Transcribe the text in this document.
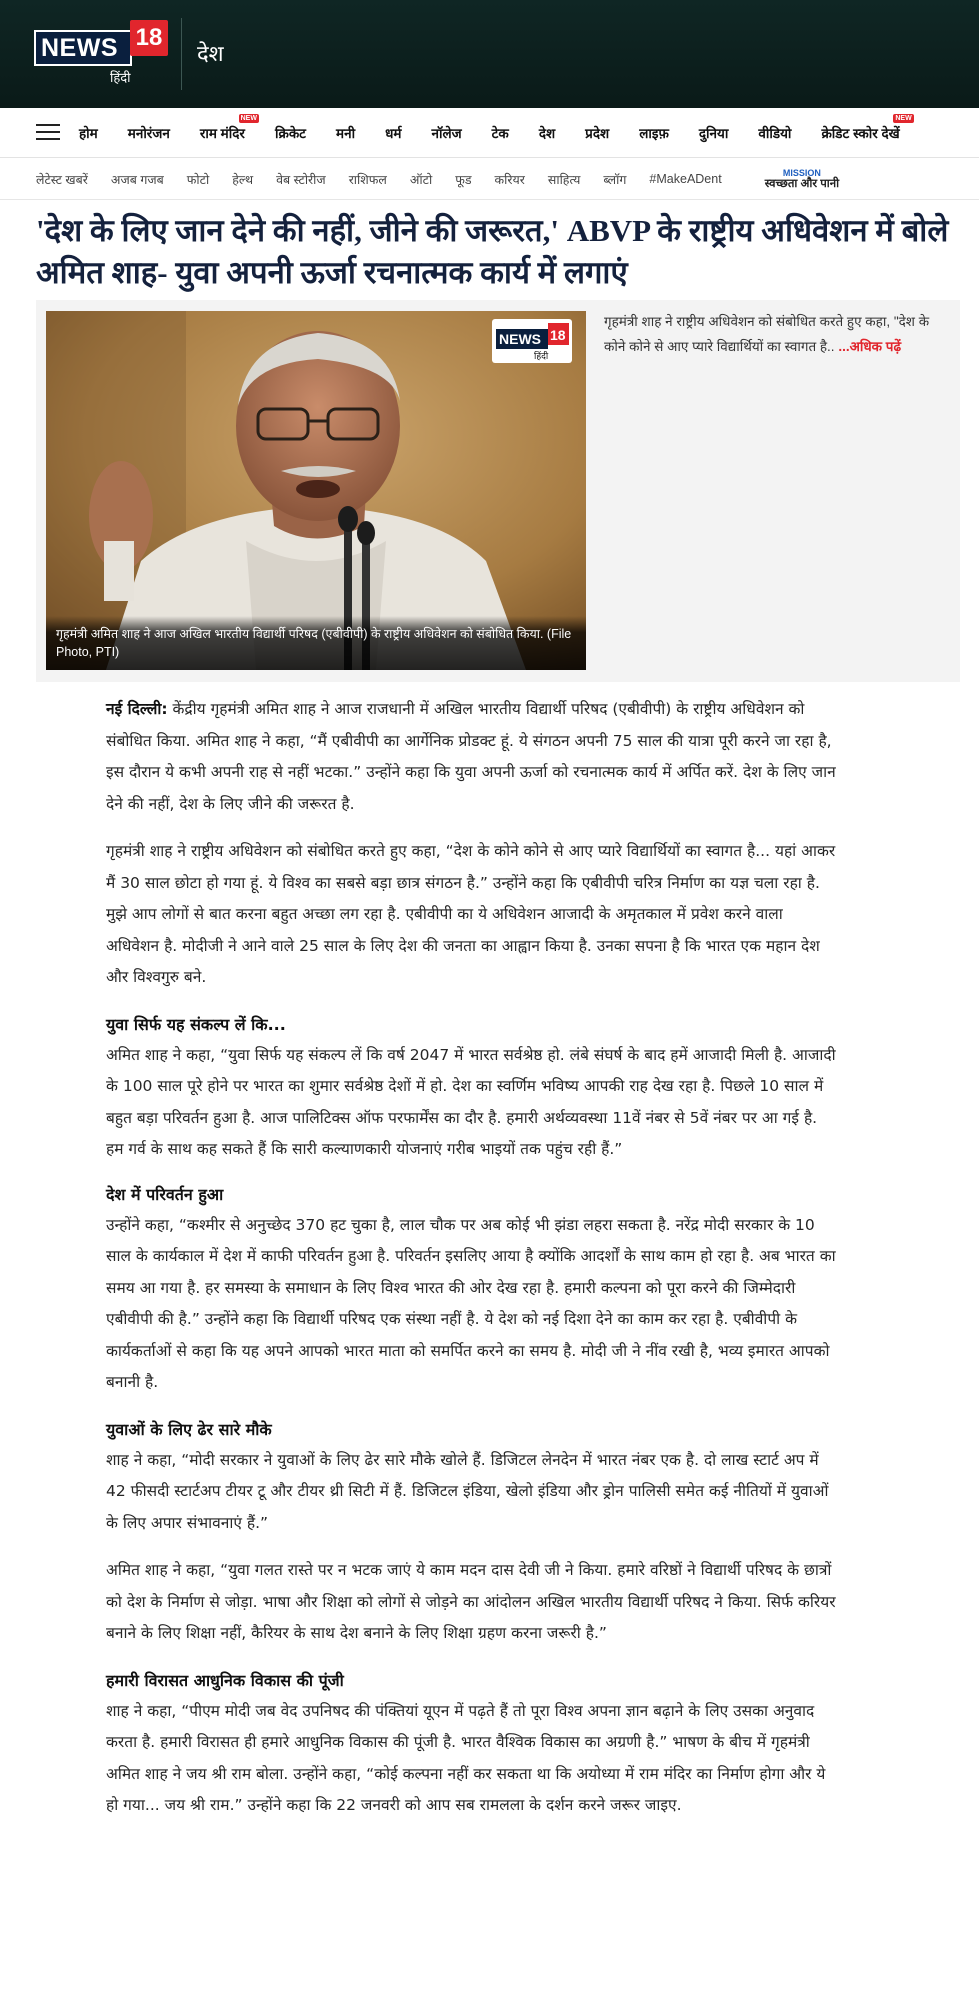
NEWS 18
हिंदी
देश
होम मनोरंजन राम मंदिर
NEW
क्रिकेट मनी धर्म नॉलेज टेक देश प्रदेश लाइफ़ दुनिया वीडियो क्रेडिट स्कोर देखें
NEW
लेटेस्ट खबरें अजब गजब फोटो हेल्थ वेब स्टोरीज राशिफल ऑटो फूड करियर साहित्य ब्लॉग #MakeADent	MISSION
स्वच्छता और पानी
'देश के लिए जान देने की नहीं, जीने की जरूरत,' ABVP के राष्ट्रीय अधिवेशन में बोले अमित शाह- युवा अपनी ऊर्जा रचनात्मक कार्य में लगाएं
NEWS 18
हिंदी
गृहमंत्री अमित शाह ने आज अखिल भारतीय विद्यार्थी परिषद (एबीवीपी) के राष्ट्रीय अधिवेशन को संबोधित किया. (File Photo, PTI)
गृहमंत्री शाह ने राष्ट्रीय अधिवेशन को संबोधित करते हुए कहा, "देश के कोने कोने से आए प्यारे विद्यार्थियों का स्वागत है.. ...अधिक पढ़ें

नई दिल्ली: केंद्रीय गृहमंत्री अमित शाह ने आज राजधानी में अखिल भारतीय विद्यार्थी परिषद (एबीवीपी) के राष्ट्रीय अधिवेशन को संबोधित किया. अमित शाह ने कहा, “मैं एबीवीपी का आर्गेनिक प्रोडक्ट हूं. ये संगठन अपनी 75 साल की यात्रा पूरी करने जा रहा है, इस दौरान ये कभी अपनी राह से नहीं भटका.” उन्होंने कहा कि युवा अपनी ऊर्जा को रचनात्मक कार्य में अर्पित करें. देश के लिए जान देने की नहीं, देश के लिए जीने की जरूरत है.

गृहमंत्री शाह ने राष्ट्रीय अधिवेशन को संबोधित करते हुए कहा, “देश के कोने कोने से आए प्यारे विद्यार्थियों का स्वागत है... यहां आकर मैं 30 साल छोटा हो गया हूं. ये विश्व का सबसे बड़ा छात्र संगठन है.” उन्होंने कहा कि एबीवीपी चरित्र निर्माण का यज्ञ चला रहा है. मुझे आप लोगों से बात करना बहुत अच्छा लग रहा है. एबीवीपी का ये अधिवेशन आजादी के अमृतकाल में प्रवेश करने वाला अधिवेशन है. मोदीजी ने आने वाले 25 साल के लिए देश की जनता का आह्वान किया है. उनका सपना है कि भारत एक महान देश और विश्वगुरु बने.

युवा सिर्फ यह संकल्प लें कि...

अमित शाह ने कहा, “युवा सिर्फ यह संकल्प लें कि वर्ष 2047 में भारत सर्वश्रेष्ठ हो. लंबे संघर्ष के बाद हमें आजादी मिली है. आजादी के 100 साल पूरे होने पर भारत का शुमार सर्वश्रेष्ठ देशों में हो. देश का स्वर्णिम भविष्य आपकी राह देख रहा है. पिछले 10 साल में बहुत बड़ा परिवर्तन हुआ है. आज पालिटिक्स ऑफ परफार्मेंस का दौर है. हमारी अर्थव्यवस्था 11वें नंबर से 5वें नंबर पर आ गई है. हम गर्व के साथ कह सकते हैं कि सारी कल्याणकारी योजनाएं गरीब भाइयों तक पहुंच रही हैं.”

देश में परिवर्तन हुआ

उन्होंने कहा, “कश्मीर से अनुच्छेद 370 हट चुका है, लाल चौक पर अब कोई भी झंडा लहरा सकता है. नरेंद्र मोदी सरकार के 10 साल के कार्यकाल में देश में काफी परिवर्तन हुआ है. परिवर्तन इसलिए आया है क्योंकि आदर्शों के साथ काम हो रहा है. अब भारत का समय आ गया है. हर समस्या के समाधान के लिए विश्व भारत की ओर देख रहा है. हमारी कल्पना को पूरा करने की जिम्मेदारी एबीवीपी की है.” उन्होंने कहा कि विद्यार्थी परिषद एक संस्था नहीं है. ये देश को नई दिशा देने का काम कर रहा है. एबीवीपी के कार्यकर्ताओं से कहा कि यह अपने आपको भारत माता को समर्पित करने का समय है. मोदी जी ने नींव रखी है, भव्य इमारत आपको बनानी है.

युवाओं के लिए ढेर सारे मौके

शाह ने कहा, “मोदी सरकार ने युवाओं के लिए ढेर सारे मौके खोले हैं. डिजिटल लेनदेन में भारत नंबर एक है. दो लाख स्टार्ट अप में 42 फीसदी स्टार्टअप टीयर टू और टीयर थ्री सिटी में हैं. डिजिटल इंडिया, खेलो इंडिया और ड्रोन पालिसी समेत कई नीतियों में युवाओं के लिए अपार संभावनाएं हैं.”

अमित शाह ने कहा, “युवा गलत रास्ते पर न भटक जाएं ये काम मदन दास देवी जी ने किया. हमारे वरिष्ठों ने विद्यार्थी परिषद के छात्रों को देश के निर्माण से जोड़ा. भाषा और शिक्षा को लोगों से जोड़ने का आंदोलन अखिल भारतीय विद्यार्थी परिषद ने किया. सिर्फ करियर बनाने के लिए शिक्षा नहीं, कैरियर के साथ देश बनाने के लिए शिक्षा ग्रहण करना जरूरी है.”

हमारी विरासत आधुनिक विकास की पूंजी

शाह ने कहा, “पीएम मोदी जब वेद उपनिषद की पंक्तियां यूएन में पढ़ते हैं तो पूरा विश्व अपना ज्ञान बढ़ाने के लिए उसका अनुवाद करता है. हमारी विरासत ही हमारे आधुनिक विकास की पूंजी है. भारत वैश्विक विकास का अग्रणी है.” भाषण के बीच में गृहमंत्री अमित शाह ने जय श्री राम बोला. उन्होंने कहा, “कोई कल्पना नहीं कर सकता था कि अयोध्या में राम मंदिर का निर्माण होगा और ये हो गया... जय श्री राम.” उन्होंने कहा कि 22 जनवरी को आप सब रामलला के दर्शन करने जरूर जाइए.
